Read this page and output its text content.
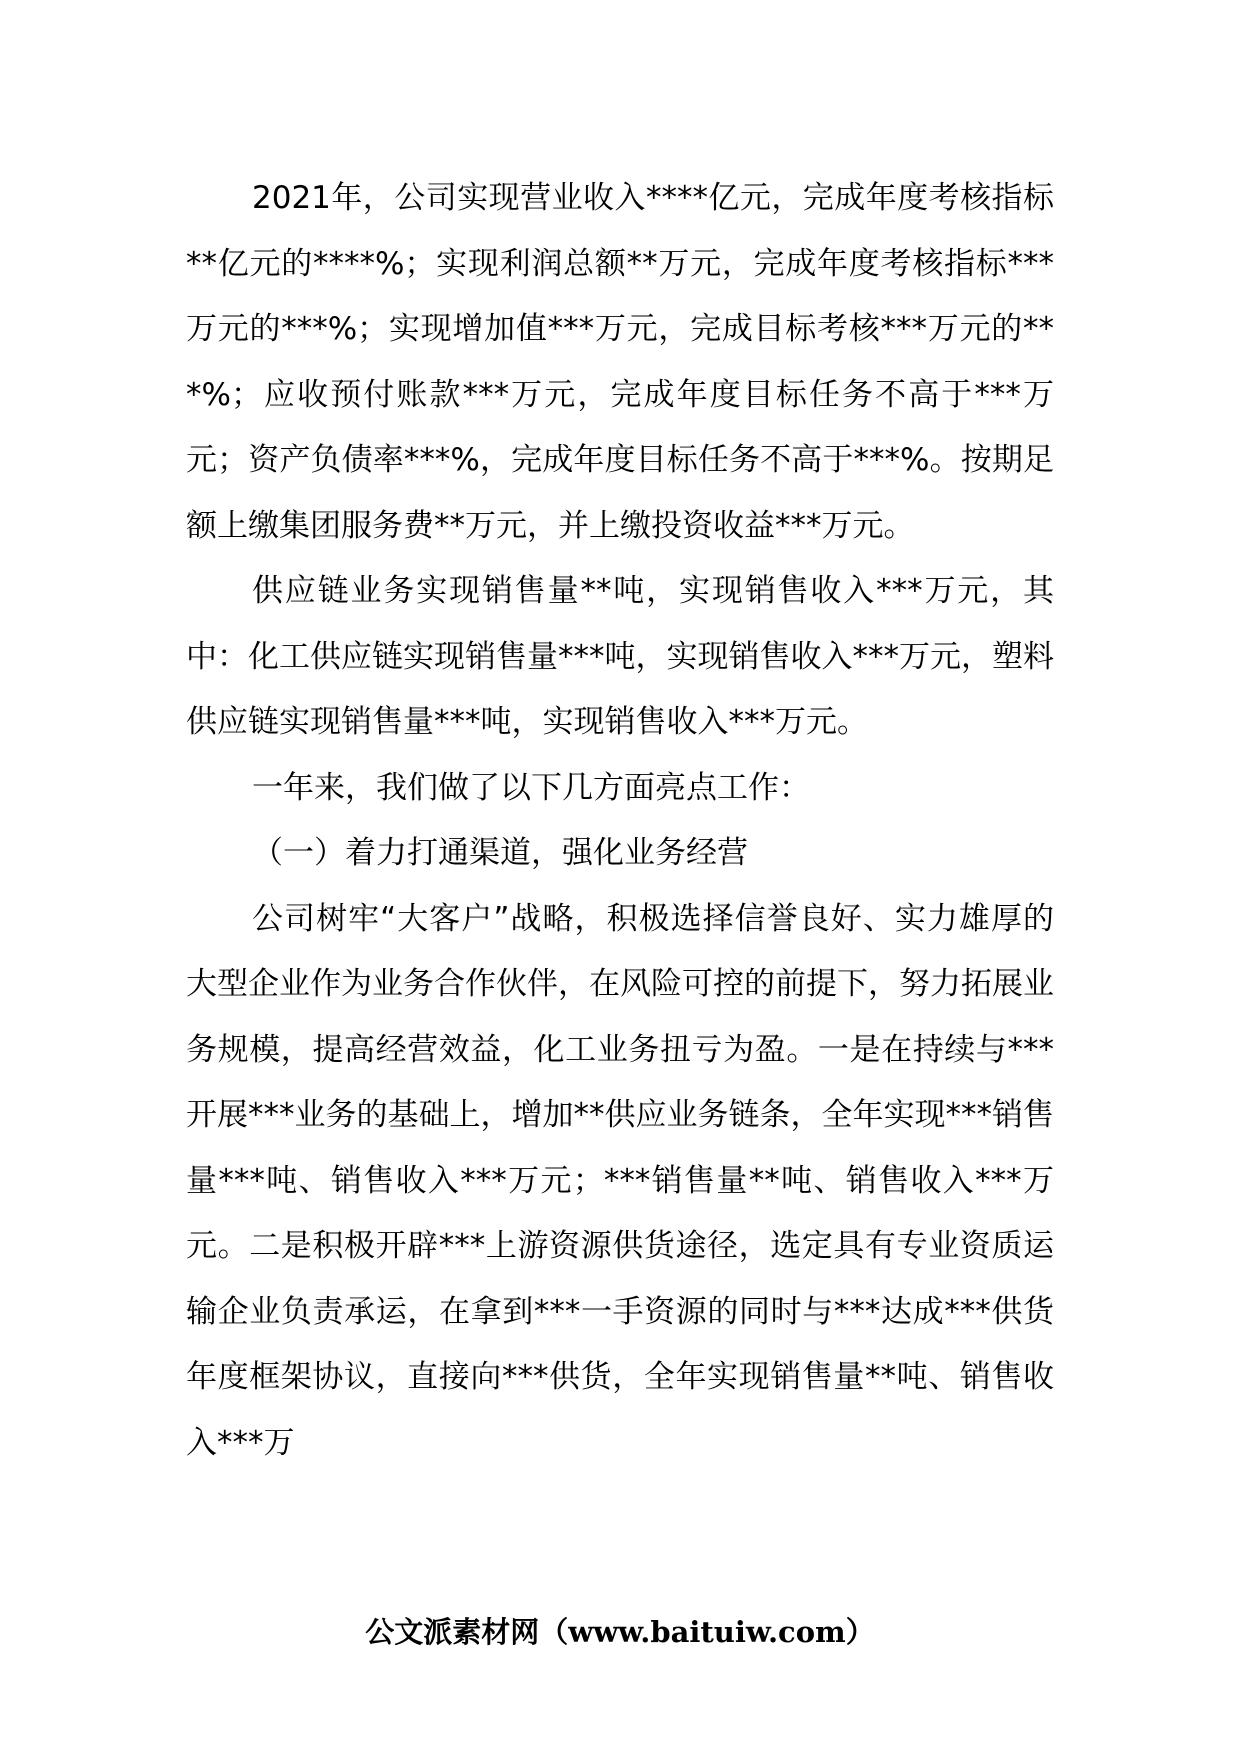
2021年，公司实现营业收入****亿元，完成年度考核指标**亿元的****%；实现利润总额**万元，完成年度考核指标***万元的***%；实现增加值***万元，完成目标考核***万元的***%；应收预付账款***万元，完成年度目标任务不高于***万元；资产负债率***%，完成年度目标任务不高于***%。按期足额上缴集团服务费**万元，并上缴投资收益***万元。

供应链业务实现销售量**吨，实现销售收入***万元，其中：化工供应链实现销售量***吨，实现销售收入***万元，塑料供应链实现销售量***吨，实现销售收入***万元。

一年来，我们做了以下几方面亮点工作：

（一）着力打通渠道，强化业务经营

公司树牢“大客户”战略，积极选择信誉良好、实力雄厚的大型企业作为业务合作伙伴，在风险可控的前提下，努力拓展业务规模，提高经营效益，化工业务扭亏为盈。一是在持续与***开展***业务的基础上，增加**供应业务链条，全年实现***销售量***吨、销售收入***万元；***销售量**吨、销售收入***万元。二是积极开辟***上游资源供货途径，选定具有专业资质运输企业负责承运，在拿到***一手资源的同时与***达成***供货年度框架协议，直接向***供货，全年实现销售量**吨、销售收入***万

公文派素材网（www.baituiw.com）
